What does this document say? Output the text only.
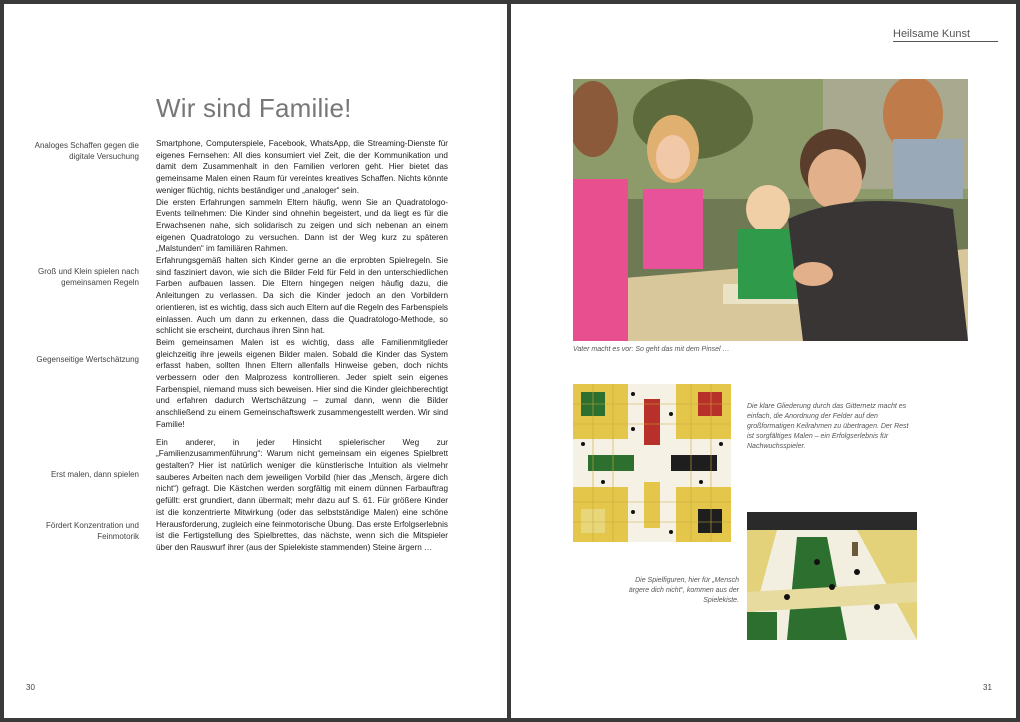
Wir sind Familie!
Analoges Schaffen gegen die digitale Versuchung
Groß und Klein spielen nach gemeinsamen Regeln
Gegenseitige Wertschätzung
Erst malen, dann spielen
Fördert Konzentration und Feinmotorik

Smartphone, Computerspiele, Facebook, WhatsApp, die Streaming-Dienste für eigenes Fernsehen: All dies konsumiert viel Zeit, die der Kommunikation und damit dem Zusammenhalt in den Familien verloren geht. Hier bietet das gemeinsame Malen einen Raum für vereintes kreatives Schaffen. Nichts könnte weniger flüchtig, nichts beständiger und „analoger“ sein.

Die ersten Erfahrungen sammeln Eltern häufig, wenn Sie an Quadratologo-Events teilnehmen: Die Kinder sind ohnehin begeistert, und da liegt es für die Erwachsenen nahe, sich solidarisch zu zeigen und sich nebenan an einem eigenen Quadratologo zu versuchen. Dann ist der Weg kurz zu späteren „Malstunden“ im familiären Rahmen.

Erfahrungsgemäß halten sich Kinder gerne an die erprobten Spielregeln. Sie sind fasziniert davon, wie sich die Bilder Feld für Feld in den unterschiedlichen Farben aufbauen lassen. Die Eltern hingegen neigen häufig dazu, die Anleitungen zu verlassen. Da sich die Kinder jedoch an den Vorbildern orientieren, ist es wichtig, dass sich auch Eltern auf die Regeln des Farbenspiels einlassen. Auch um dann zu erkennen, dass die Quadratologo-Methode, so schlicht sie erscheint, durchaus ihren Sinn hat.

Beim gemeinsamen Malen ist es wichtig, dass alle Familienmitglieder gleichzeitig ihre jeweils eigenen Bilder malen. Sobald die Kinder das System erfasst haben, sollten Ihnen Eltern allenfalls Hinweise geben, doch nichts verbessern oder den Malprozess kontrollieren. Jeder spielt sein eigenes Farbenspiel, niemand muss sich beweisen. Hier sind die Kinder gleichberechtigt und erfahren dadurch Wertschätzung – zumal dann, wenn die Bilder anschließend zu einem Gemeinschaftswerk zusammengestellt werden. Wir sind Familie!

Ein anderer, in jeder Hinsicht spielerischer Weg zur „Familienzusammenführung“: Warum nicht gemeinsam ein eigenes Spielbrett gestalten? Hier ist natürlich weniger die künstlerische Intuition als vielmehr sauberes Arbeiten nach dem jeweiligen Vorbild (hier das „Mensch, ärgere dich nicht“) gefragt. Die Kästchen werden sorgfältig mit einem dünnen Farbauftrag gefüllt: erst grundiert, dann übermalt; mehr dazu auf S. 61. Für größere Kinder ist die konzentrierte Mitwirkung (oder das selbstständige Malen) eine schöne Herausforderung, zugleich eine feinmotorische Übung. Das erste Erfolgserlebnis ist die Fertigstellung des Spielbrettes, das nächste, wenn sich die Mitspieler über den Rauswurf ihrer (aus der Spielekiste stammenden) Steine ärgern …

30
Heilsame Kunst
Vater macht es vor: So geht das mit dem Pinsel …
Die klare Gliederung durch das Gitternetz macht es einfach, die Anordnung der Felder auf den großformatigen Keilrahmen zu übertragen. Der Rest ist sorgfältiges Malen – ein Erfolgserlebnis für Nachwuchsspieler.
Die Spielfiguren, hier für „Mensch ärgere dich nicht“, kommen aus der Spielekiste.
31
